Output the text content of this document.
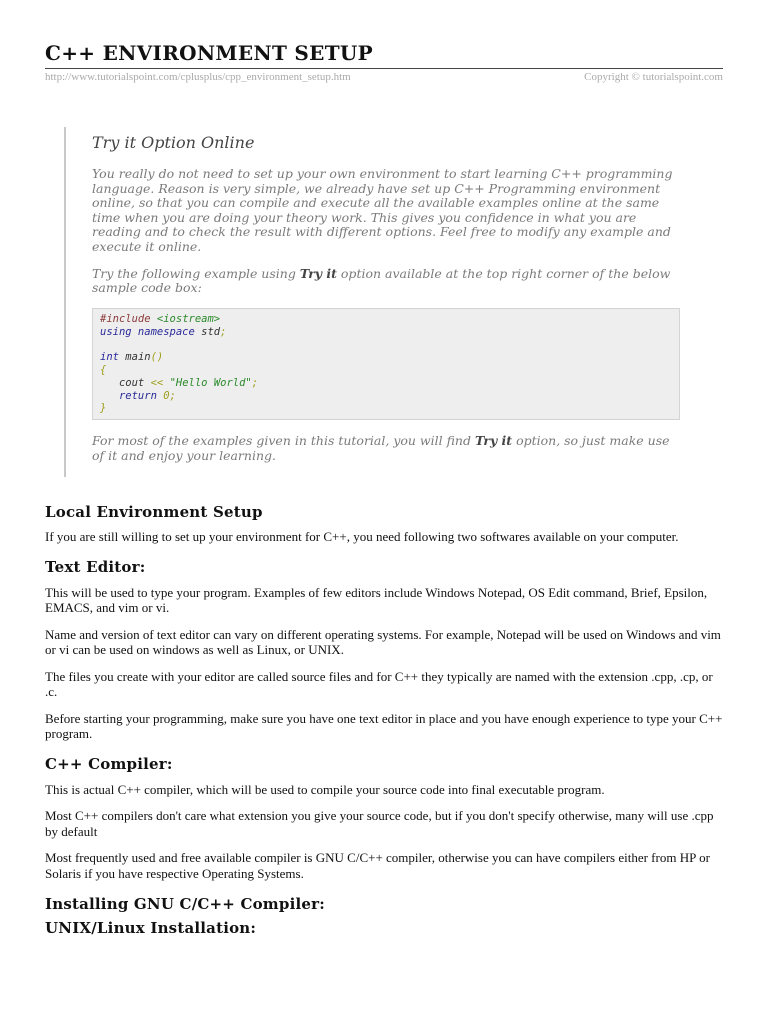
C++ ENVIRONMENT SETUP
http://www.tutorialspoint.com/cplusplus/cpp_environment_setup.htm	Copyright © tutorialspoint.com
Try it Option Online

You really do not need to set up your own environment to start learning C++ programming language. Reason is very simple, we already have set up C++ Programming environment online, so that you can compile and execute all the available examples online at the same time when you are doing your theory work. This gives you confidence in what you are reading and to check the result with different options. Feel free to modify any example and execute it online.

Try the following example using Try it option available at the top right corner of the below sample code box:

#include <iostream>
using namespace std;
int main()
{
cout << "Hello World";
return 0;
}

For most of the examples given in this tutorial, you will find Try it option, so just make use of it and enjoy your learning.

Local Environment Setup

If you are still willing to set up your environment for C++, you need following two softwares available on your computer.

Text Editor:

This will be used to type your program. Examples of few editors include Windows Notepad, OS Edit command, Brief, Epsilon, EMACS, and vim or vi.

Name and version of text editor can vary on different operating systems. For example, Notepad will be used on Windows and vim or vi can be used on windows as well as Linux, or UNIX.

The files you create with your editor are called source files and for C++ they typically are named with the extension .cpp, .cp, or .c.

Before starting your programming, make sure you have one text editor in place and you have enough experience to type your C++ program.

C++ Compiler:

This is actual C++ compiler, which will be used to compile your source code into final executable program.

Most C++ compilers don't care what extension you give your source code, but if you don't specify otherwise, many will use .cpp by default

Most frequently used and free available compiler is GNU C/C++ compiler, otherwise you can have compilers either from HP or Solaris if you have respective Operating Systems.

Installing GNU C/C++ Compiler:
UNIX/Linux Installation:
